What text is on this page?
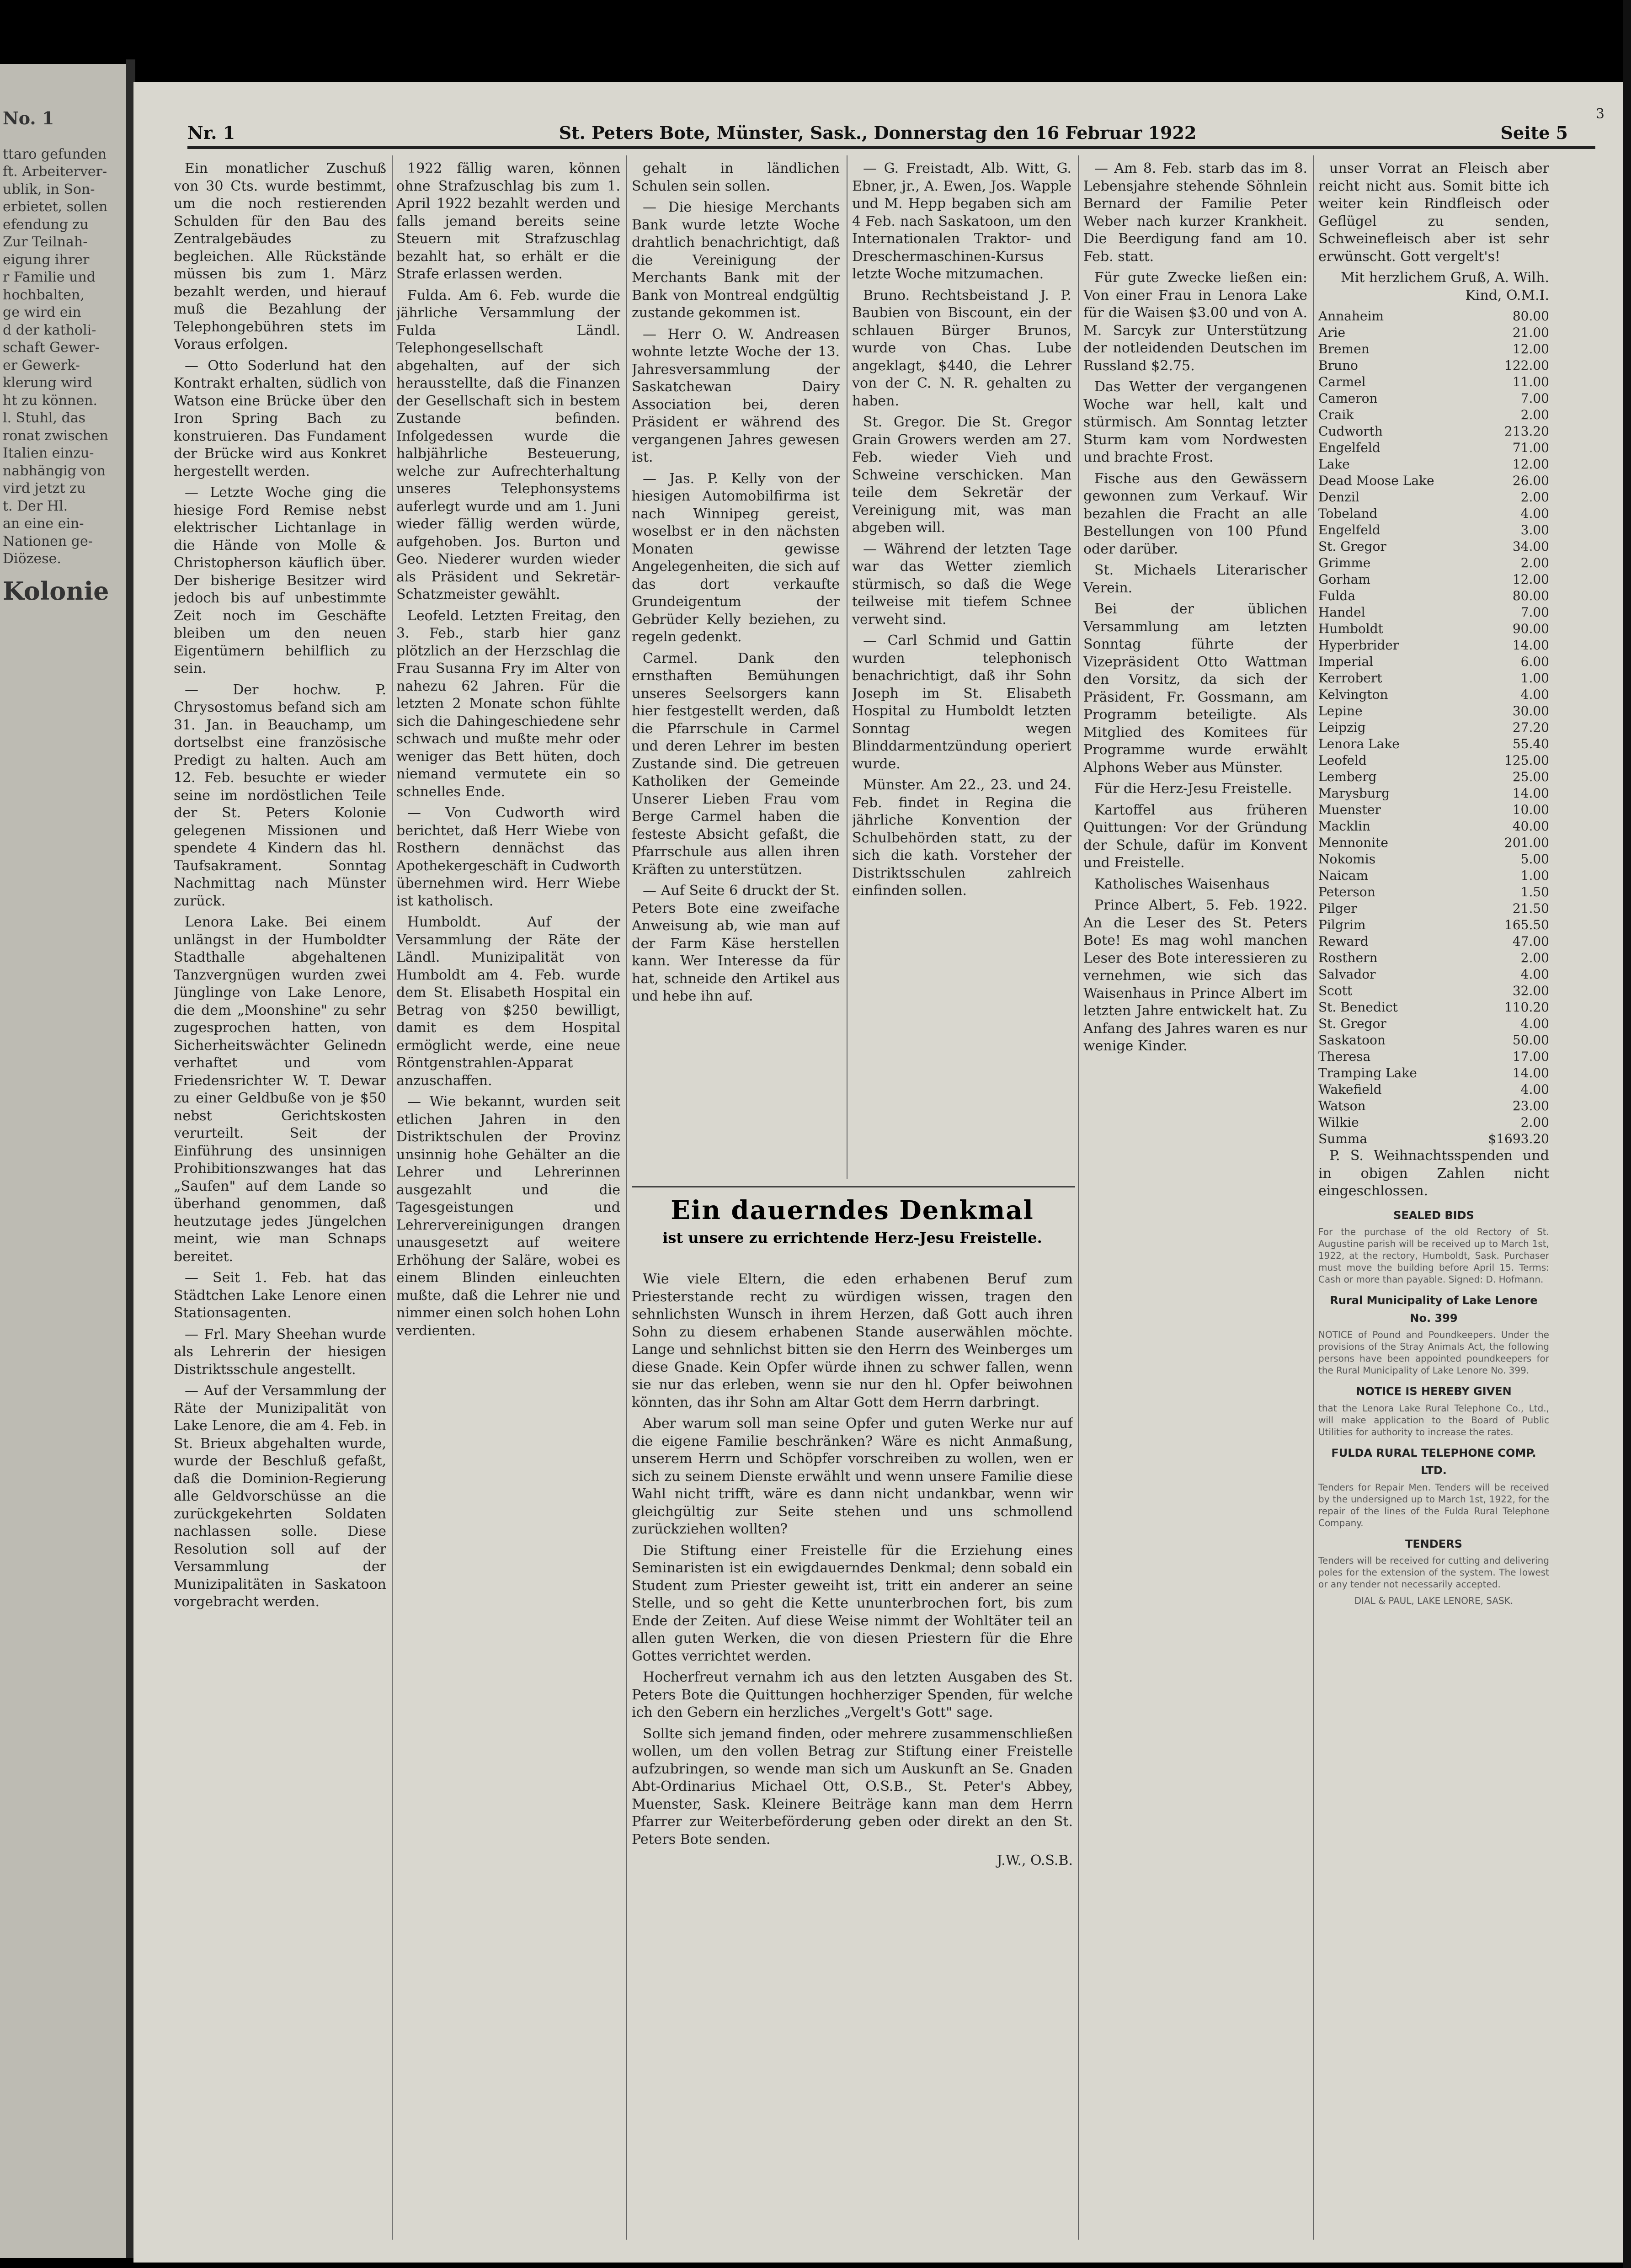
No. 1
ttaro gefunden
ft. Arbeiterver-
ublik, in Son-
erbietet, sollen
efendung zu
Zur Teilnah-
eigung ihrer
r Familie und
hochbalten,
ge wird ein
d der katholi-
schaft Gewer-
er Gewerk-
klerung wird
ht zu können.
l. Stuhl, das
ronat zwischen
Italien einzu-
nabhängig von
vird jetzt zu
t. Der Hl.
an eine ein-
Nationen ge-
Diözese.
Kolonie
3
Nr. 1	St. Peters Bote, Münster, Sask., Donnerstag den 16 Februar 1922	Seite 5

Ein monatlicher Zuschuß von 30 Cts. wurde bestimmt, um die noch restierenden Schulden für den Bau des Zentralgebäudes zu begleichen. Alle Rückstände müssen bis zum 1. März bezahlt werden, und hierauf muß die Bezahlung der Telephongebühren stets im Voraus erfolgen.

— Otto Soderlund hat den Kontrakt erhalten, südlich von Watson eine Brücke über den Iron Spring Bach zu konstruieren. Das Fundament der Brücke wird aus Konkret hergestellt werden.

— Letzte Woche ging die hiesige Ford Remise nebst elektrischer Lichtanlage in die Hände von Molle & Christopherson käuflich über. Der bisherige Besitzer wird jedoch bis auf unbestimmte Zeit noch im Geschäfte bleiben um den neuen Eigentümern behilflich zu sein.

— Der hochw. P. Chrysostomus befand sich am 31. Jan. in Beauchamp, um dortselbst eine französische Predigt zu halten. Auch am 12. Feb. besuchte er wieder seine im nordöstlichen Teile der St. Peters Kolonie gelegenen Missionen und spendete 4 Kindern das hl. Taufsakrament. Sonntag Nachmittag nach Münster zurück.

Lenora Lake. Bei einem unlängst in der Humboldter Stadthalle abgehaltenen Tanzvergnügen wurden zwei Jünglinge von Lake Lenore, die dem „Moonshine" zu sehr zugesprochen hatten, von Sicherheitswächter Gelinedn verhaftet und vom Friedensrichter W. T. Dewar zu einer Geldbuße von je $50 nebst Gerichtskosten verurteilt. Seit der Einführung des unsinnigen Prohibitionszwanges hat das „Saufen" auf dem Lande so überhand genommen, daß heutzutage jedes Jüngelchen meint, wie man Schnaps bereitet.

— Seit 1. Feb. hat das Städtchen Lake Lenore einen Stationsagenten.

— Frl. Mary Sheehan wurde als Lehrerin der hiesigen Distriktsschule angestellt.

— Auf der Versammlung der Räte der Munizipalität von Lake Lenore, die am 4. Feb. in St. Brieux abgehalten wurde, wurde der Beschluß gefaßt, daß die Dominion-Regierung alle Geldvorschüsse an die zurückgekehrten Soldaten nachlassen solle. Diese Resolution soll auf der Versammlung der Munizipalitäten in Saskatoon vorgebracht werden.

1922 fällig waren, können ohne Strafzuschlag bis zum 1. April 1922 bezahlt werden und falls jemand bereits seine Steuern mit Strafzuschlag bezahlt hat, so erhält er die Strafe erlassen werden.

Fulda. Am 6. Feb. wurde die jährliche Versammlung der Fulda Ländl. Telephongesellschaft abgehalten, auf der sich herausstellte, daß die Finanzen der Gesellschaft sich in bestem Zustande befinden. Infolgedessen wurde die halbjährliche Besteuerung, welche zur Aufrechterhaltung unseres Telephonsystems auferlegt wurde und am 1. Juni wieder fällig werden würde, aufgehoben. Jos. Burton und Geo. Niederer wurden wieder als Präsident und Sekretär-Schatzmeister gewählt.

Leofeld. Letzten Freitag, den 3. Feb., starb hier ganz plötzlich an der Herzschlag die Frau Susanna Fry im Alter von nahezu 62 Jahren. Für die letzten 2 Monate schon fühlte sich die Dahingeschiedene sehr schwach und mußte mehr oder weniger das Bett hüten, doch niemand vermutete ein so schnelles Ende.

— Von Cudworth wird berichtet, daß Herr Wiebe von Rosthern dennächst das Apothekergeschäft in Cudworth übernehmen wird. Herr Wiebe ist katholisch.

Humboldt. Auf der Versammlung der Räte der Ländl. Munizipalität von Humboldt am 4. Feb. wurde dem St. Elisabeth Hospital ein Betrag von $250 bewilligt, damit es dem Hospital ermöglicht werde, eine neue Röntgenstrahlen-Apparat anzuschaffen.

— Wie bekannt, wurden seit etlichen Jahren in den Distriktschulen der Provinz unsinnig hohe Gehälter an die Lehrer und Lehrerinnen ausgezahlt und die Tagesgeistungen und Lehrervereinigungen drangen unausgesetzt auf weitere Erhöhung der Saläre, wobei es einem Blinden einleuchten mußte, daß die Lehrer nie und nimmer einen solch hohen Lohn verdienten.

gehalt in ländlichen Schulen sein sollen.

— Die hiesige Merchants Bank wurde letzte Woche drahtlich benachrichtigt, daß die Vereinigung der Merchants Bank mit der Bank von Montreal endgültig zustande gekommen ist.

— Herr O. W. Andreasen wohnte letzte Woche der 13. Jahresversammlung der Saskatchewan Dairy Association bei, deren Präsident er während des vergangenen Jahres gewesen ist.

— Jas. P. Kelly von der hiesigen Automobilfirma ist nach Winnipeg gereist, woselbst er in den nächsten Monaten gewisse Angelegenheiten, die sich auf das dort verkaufte Grundeigentum der Gebrüder Kelly beziehen, zu regeln gedenkt.

Carmel. Dank den ernsthaften Bemühungen unseres Seelsorgers kann hier festgestellt werden, daß die Pfarrschule in Carmel und deren Lehrer im besten Zustande sind. Die getreuen Katholiken der Gemeinde Unserer Lieben Frau vom Berge Carmel haben die festeste Absicht gefaßt, die Pfarrschule aus allen ihren Kräften zu unterstützen.

— Auf Seite 6 druckt der St. Peters Bote eine zweifache Anweisung ab, wie man auf der Farm Käse herstellen kann. Wer Interesse da für hat, schneide den Artikel aus und hebe ihn auf.

— G. Freistadt, Alb. Witt, G. Ebner, jr., A. Ewen, Jos. Wapple und M. Hepp begaben sich am 4 Feb. nach Saskatoon, um den Internationalen Traktor- und Dreschermaschinen-Kursus letzte Woche mitzumachen.

Bruno. Rechtsbeistand J. P. Baubien von Biscount, ein der schlauen Bürger Brunos, wurde von Chas. Lube angeklagt, $440, die Lehrer von der C. N. R. gehalten zu haben.

St. Gregor. Die St. Gregor Grain Growers werden am 27. Feb. wieder Vieh und Schweine verschicken. Man teile dem Sekretär der Vereinigung mit, was man abgeben will.

— Während der letzten Tage war das Wetter ziemlich stürmisch, so daß die Wege teilweise mit tiefem Schnee verweht sind.

— Carl Schmid und Gattin wurden telephonisch benachrichtigt, daß ihr Sohn Joseph im St. Elisabeth Hospital zu Humboldt letzten Sonntag wegen Blinddarmentzündung operiert wurde.

Münster. Am 22., 23. und 24. Feb. findet in Regina die jährliche Konvention der Schulbehörden statt, zu der sich die kath. Vorsteher der Distriktsschulen zahlreich einfinden sollen.

— Am 8. Feb. starb das im 8. Lebensjahre stehende Söhnlein Bernard der Familie Peter Weber nach kurzer Krankheit. Die Beerdigung fand am 10. Feb. statt.

Für gute Zwecke ließen ein: Von einer Frau in Lenora Lake für die Waisen $3.00 und von A. M. Sarcyk zur Unterstützung der notleidenden Deutschen im Russland $2.75.

Das Wetter der vergangenen Woche war hell, kalt und stürmisch. Am Sonntag letzter Sturm kam vom Nordwesten und brachte Frost.

Fische aus den Gewässern gewonnen zum Verkauf. Wir bezahlen die Fracht an alle Bestellungen von 100 Pfund oder darüber.

St. Michaels Literarischer Verein.

Bei der üblichen Versammlung am letzten Sonntag führte der Vizepräsident Otto Wattman den Vorsitz, da sich der Präsident, Fr. Gossmann, am Programm beteiligte. Als Mitglied des Komitees für Programme wurde erwählt Alphons Weber aus Münster.

Für die Herz-Jesu Freistelle.

Kartoffel aus früheren Quittungen: Vor der Gründung der Schule, dafür im Konvent und Freistelle.

Katholisches Waisenhaus

Prince Albert, 5. Feb. 1922. An die Leser des St. Peters Bote! Es mag wohl manchen Leser des Bote interessieren zu vernehmen, wie sich das Waisenhaus in Prince Albert im letzten Jahre entwickelt hat. Zu Anfang des Jahres waren es nur wenige Kinder.

unser Vorrat an Fleisch aber reicht nicht aus. Somit bitte ich weiter kein Rindfleisch oder Geflügel zu senden, Schweinefleisch aber ist sehr erwünscht. Gott vergelt's!

Mit herzlichem Gruß, A. Wilh. Kind, O.M.I.

Annaheim	80.00
Arie	21.00
Bremen	12.00
Bruno	122.00
Carmel	11.00
Cameron	7.00
Craik	2.00
Cudworth	213.20
Engelfeld	71.00
Lake	12.00
Dead Moose Lake	26.00
Denzil	2.00
Tobeland	4.00
Engelfeld	3.00
St. Gregor	34.00
Grimme	2.00
Gorham	12.00
Fulda	80.00
Handel	7.00
Humboldt	90.00
Hyperbrider	14.00
Imperial	6.00
Kerrobert	1.00
Kelvington	4.00
Lepine	30.00
Leipzig	27.20
Lenora Lake	55.40
Leofeld	125.00
Lemberg	25.00
Marysburg	14.00
Muenster	10.00
Macklin	40.00
Mennonite	201.00
Nokomis	5.00
Naicam	1.00
Peterson	1.50
Pilger	21.50
Pilgrim	165.50
Reward	47.00
Rosthern	2.00
Salvador	4.00
Scott	32.00
St. Benedict	110.20
St. Gregor	4.00
Saskatoon	50.00
Theresa	17.00
Tramping Lake	14.00
Wakefield	4.00
Watson	23.00
Wilkie	2.00
Summa	$1693.20

P. S. Weihnachtsspenden und in obigen Zahlen nicht eingeschlossen.

SEALED BIDS
For the purchase of the old Rectory of St. Augustine parish will be received up to March 1st, 1922, at the rectory, Humboldt, Sask. Purchaser must move the building before April 15. Terms: Cash or more than payable. Signed: D. Hofmann.
Rural Municipality of Lake Lenore No. 399
NOTICE of Pound and Poundkeepers. Under the provisions of the Stray Animals Act, the following persons have been appointed poundkeepers for the Rural Municipality of Lake Lenore No. 399.
NOTICE IS HEREBY GIVEN
that the Lenora Lake Rural Telephone Co., Ltd., will make application to the Board of Public Utilities for authority to increase the rates.
FULDA RURAL TELEPHONE COMP. LTD.
Tenders for Repair Men. Tenders will be received by the undersigned up to March 1st, 1922, for the repair of the lines of the Fulda Rural Telephone Company.
TENDERS
Tenders will be received for cutting and delivering poles for the extension of the system. The lowest or any tender not necessarily accepted.
DIAL & PAUL, LAKE LENORE, SASK.
Ein dauerndes Denkmal
ist unsere zu errichtende Herz-Jesu Freistelle.

Wie viele Eltern, die eden erhabenen Beruf zum Priesterstande recht zu würdigen wissen, tragen den sehnlichsten Wunsch in ihrem Herzen, daß Gott auch ihren Sohn zu diesem erhabenen Stande auserwählen möchte. Lange und sehnlichst bitten sie den Herrn des Weinberges um diese Gnade. Kein Opfer würde ihnen zu schwer fallen, wenn sie nur das erleben, wenn sie nur den hl. Opfer beiwohnen könnten, das ihr Sohn am Altar Gott dem Herrn darbringt.

Aber warum soll man seine Opfer und guten Werke nur auf die eigene Familie beschränken? Wäre es nicht Anmaßung, unserem Herrn und Schöpfer vorschreiben zu wollen, wen er sich zu seinem Dienste erwählt und wenn unsere Familie diese Wahl nicht trifft, wäre es dann nicht undankbar, wenn wir gleichgültig zur Seite stehen und uns schmollend zurückziehen wollten?

Die Stiftung einer Freistelle für die Erziehung eines Seminaristen ist ein ewigdauerndes Denkmal; denn sobald ein Student zum Priester geweiht ist, tritt ein anderer an seine Stelle, und so geht die Kette ununterbrochen fort, bis zum Ende der Zeiten. Auf diese Weise nimmt der Wohltäter teil an allen guten Werken, die von diesen Priestern für die Ehre Gottes verrichtet werden.

Hocherfreut vernahm ich aus den letzten Ausgaben des St. Peters Bote die Quittungen hochherziger Spenden, für welche ich den Gebern ein herzliches „Vergelt's Gott" sage.

Sollte sich jemand finden, oder mehrere zusammenschließen wollen, um den vollen Betrag zur Stiftung einer Freistelle aufzubringen, so wende man sich um Auskunft an Se. Gnaden Abt-Ordinarius Michael Ott, O.S.B., St. Peter's Abbey, Muenster, Sask. Kleinere Beiträge kann man dem Herrn Pfarrer zur Weiterbeförderung geben oder direkt an den St. Peters Bote senden.

J.W., O.S.B.
